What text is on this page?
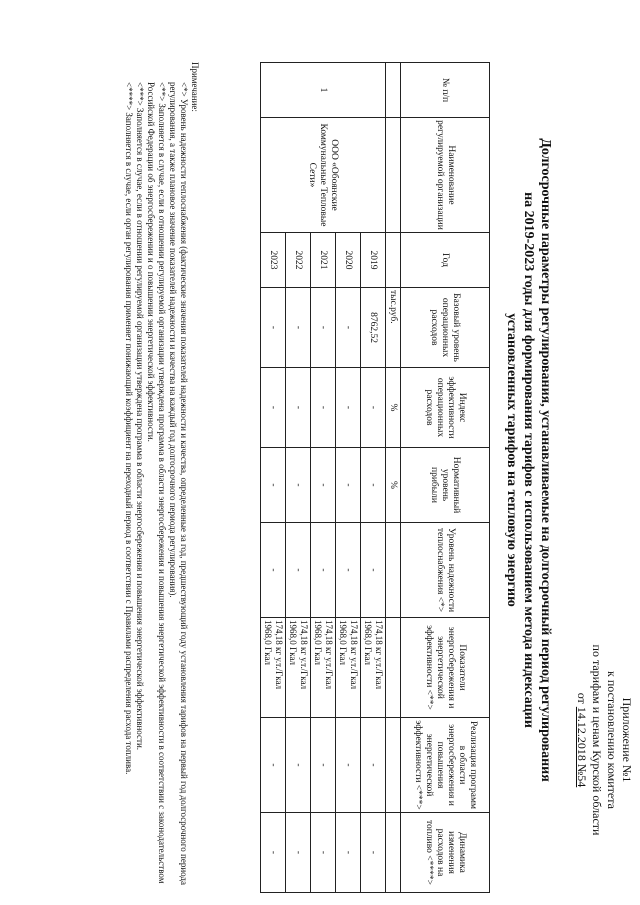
Приложение №1
к постановлению комитета
по тарифам и ценам Курской области
от 14.12.2018 №54
Долгосрочные параметры регулирования, устанавливаемые на долгосрочный период регулирования
на 2019-2023 годы для формирования тарифов с использованием метода индексации
установленных тарифов на тепловую энергию
№ п/п	Наименование регулируемой организации	Год	Базовый уровень операционных расходов	Индекс эффективности операционных расходов	Нормативный уровень прибыли	Уровень надежности теплоснабжения <*>	Показатели энергосбережения и энергетической эффективности <**>	Реализация программ в области энергосбережения и повышения энергетической эффективности <***>	Динамика изменения расходов на топливо <****>
			тыс.руб.	%	%				
1	ООО «Обоянские Коммунальные Тепловые Сети»	2019	8762,52	-	-	-	174,18 кг у.т./Гкал
1968,0 Гкал	-	-
		2020	-	-	-	-	174,18 кг у.т./Гкал
1968,0 Гкал	-	-
		2021	-	-	-	-	174,18 кг у.т./Гкал
1968,0 Гкал	-	-
		2022	-	-	-	-	174,18 кг у.т./Гкал
1968,0 Гкал	-	-
		2023	-	-	-	-	174,18 кг у.т./Гкал
1968,0 Гкал	-	-

Примечание:

<*> Уровень надежности теплоснабжения (фактические значения показателей надежности и качества, определенные за год, предшествующий году установления тарифов на первый год долгосрочного периода регулирования, а также плановое значение показателей надежности и качества на каждый год долгосрочного периода регулирования).

<**> Заполняется в случае, если в отношении регулируемой организации утверждена программа в области энергосбережения и повышения энергетической эффективности в соответствии с законодательством Российской Федерации об энергосбережении и о повышении энергетической эффективности.

<***> Заполняется в случае, если в отношении регулируемой организации утверждена программа в области энергосбережения и повышения энергетической эффективности.

<****> Заполняется в случае, если орган регулирования применяет понижающий коэффициент на переходный период в соответствии с Правилами распределения расхода топлива.
